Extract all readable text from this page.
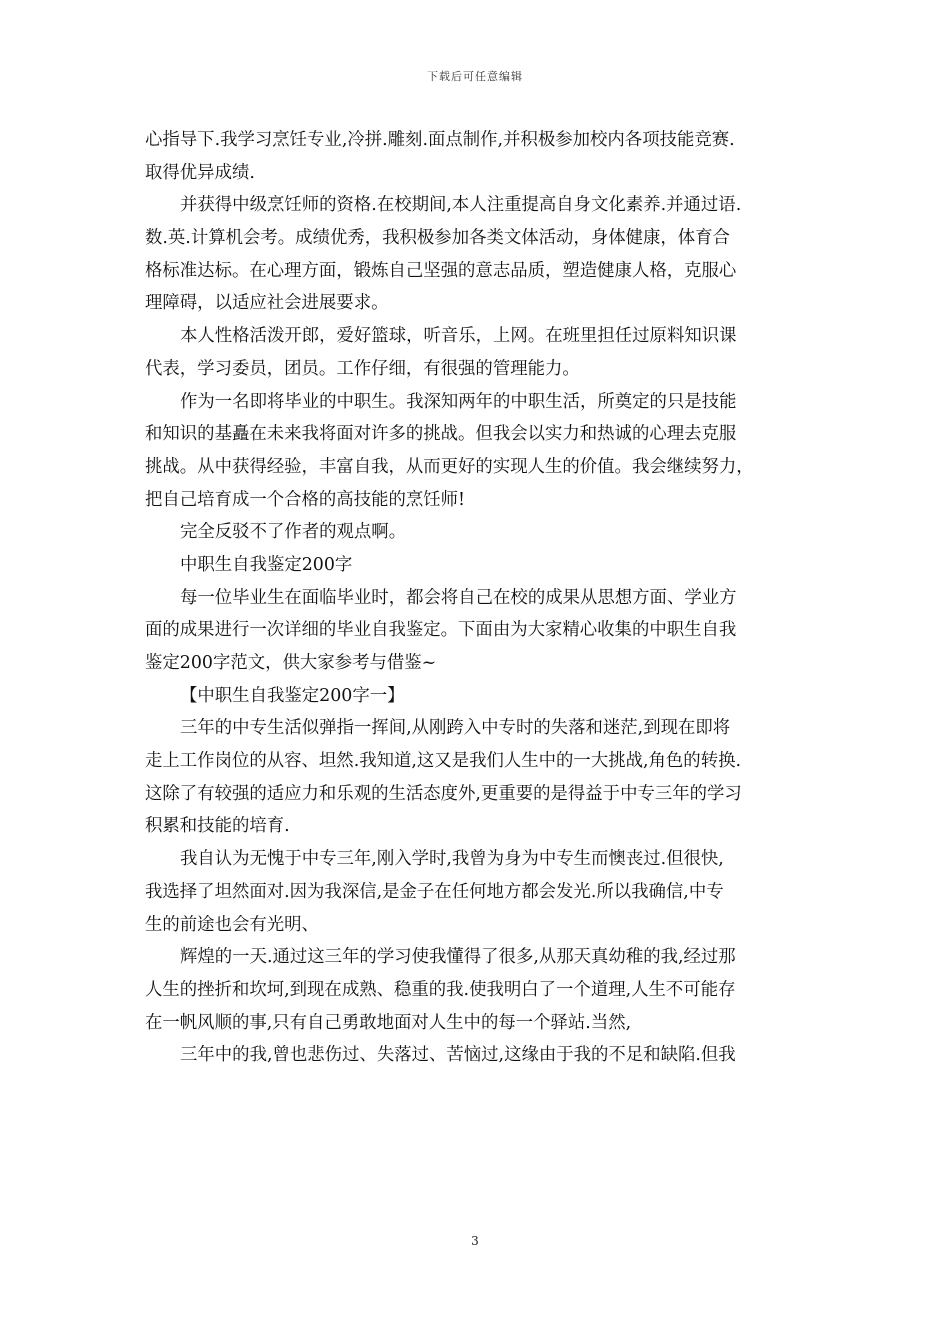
下载后可任意编辑
心指导下.我学习烹饪专业,冷拼.雕刻.面点制作,并积极参加校内各项技能竞赛.
取得优异成绩.
并获得中级烹饪师的资格.在校期间,本人注重提高自身文化素养.并通过语.
数.英.计算机会考。成绩优秀，我积极参加各类文体活动，身体健康，体育合
格标准达标。在心理方面，锻炼自己坚强的意志品质，塑造健康人格，克服心
理障碍，以适应社会进展要求。
本人性格活泼开郎，爱好篮球，听音乐，上网。在班里担任过原料知识课
代表，学习委员，团员。工作仔细，有很强的管理能力。
作为一名即将毕业的中职生。我深知两年的中职生活，所奠定的只是技能
和知识的基矗在未来我将面对许多的挑战。但我会以实力和热诚的心理去克服
挑战。从中获得经验，丰富自我，从而更好的实现人生的价值。我会继续努力，
把自己培育成一个合格的高技能的烹饪师!
完全反驳不了作者的观点啊。
中职生自我鉴定200字
每一位毕业生在面临毕业时，都会将自己在校的成果从思想方面、学业方
面的成果进行一次详细的毕业自我鉴定。下面由为大家精心收集的中职生自我
鉴定200字范文，供大家参考与借鉴~
【中职生自我鉴定200字一】
三年的中专生活似弹指一挥间,从刚跨入中专时的失落和迷茫,到现在即将
走上工作岗位的从容、坦然.我知道,这又是我们人生中的一大挑战,角色的转换.
这除了有较强的适应力和乐观的生活态度外,更重要的是得益于中专三年的学习
积累和技能的培育.
我自认为无愧于中专三年,刚入学时,我曾为身为中专生而懊丧过.但很快,
我选择了坦然面对.因为我深信,是金子在任何地方都会发光.所以我确信,中专
生的前途也会有光明、
辉煌的一天.通过这三年的学习使我懂得了很多,从那天真幼稚的我,经过那
人生的挫折和坎坷,到现在成熟、稳重的我.使我明白了一个道理,人生不可能存
在一帆风顺的事,只有自己勇敢地面对人生中的每一个驿站.当然,
三年中的我,曾也悲伤过、失落过、苦恼过,这缘由于我的不足和缺陷.但我
3
